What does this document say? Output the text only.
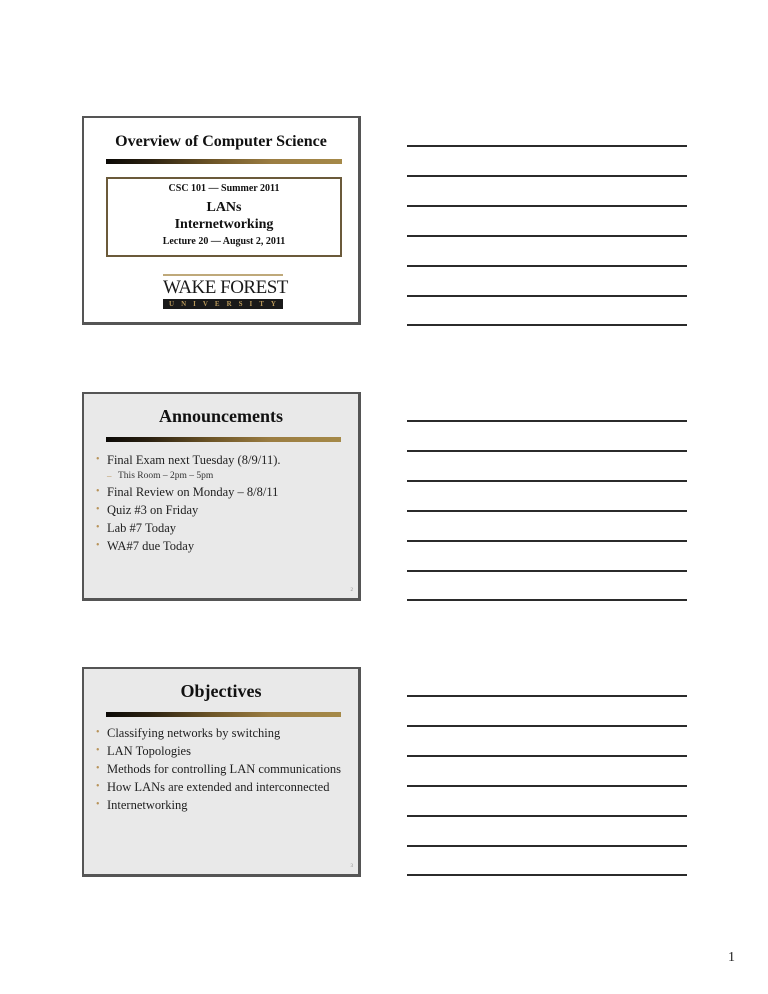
Overview of Computer Science
CSC 101 — Summer 2011
LANs
Internetworking
Lecture 20 — August 2, 2011
WAKE FOREST
UNIVERSITY
Announcements
• Final Exam next Tuesday (8/9/11).
– This Room – 2pm – 5pm
• Final Review on Monday – 8/8/11
• Quiz #3 on Friday
• Lab #7 Today
• WA#7 due Today
2
Objectives
• Classifying networks by switching
• LAN Topologies
• Methods for controlling LAN communications
• How LANs are extended and interconnected
• Internetworking
3
1
